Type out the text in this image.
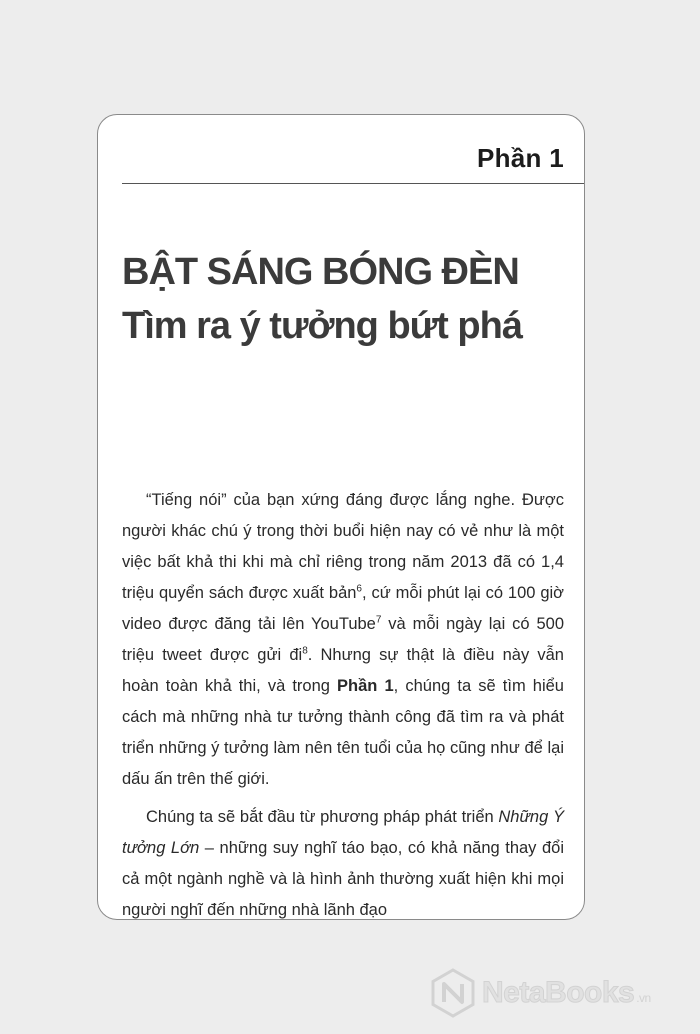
Phần 1
BẬT SÁNG BÓNG ĐÈN
Tìm ra ý tưởng bứt phá

“Tiếng nói” của bạn xứng đáng được lắng nghe. Được người khác chú ý trong thời buổi hiện nay có vẻ như là một việc bất khả thi khi mà chỉ riêng trong năm 2013 đã có 1,4 triệu quyển sách được xuất bản$^6$, cứ mỗi phút lại có 100 giờ video được đăng tải lên YouTube$^7$ và mỗi ngày lại có 500 triệu tweet được gửi $đi^8$. Nhưng sự thật là điều này vẫn hoàn toàn khả thi, và trong Phần 1, chúng ta sẽ tìm hiểu cách mà những nhà tư tưởng thành công đã tìm ra và phát triển những ý tưởng làm nên tên tuổi của họ cũng như để lại dấu ấn trên thế giới.

Chúng ta sẽ bắt đầu từ phương pháp phát triển Những Ý tưởng Lớn – những suy nghĩ táo bạo, có khả năng thay đổi cả một ngành nghề và là hình ảnh thường xuất hiện khi mọi người nghĩ đến những nhà lãnh đạo

NetaBooks .vn
